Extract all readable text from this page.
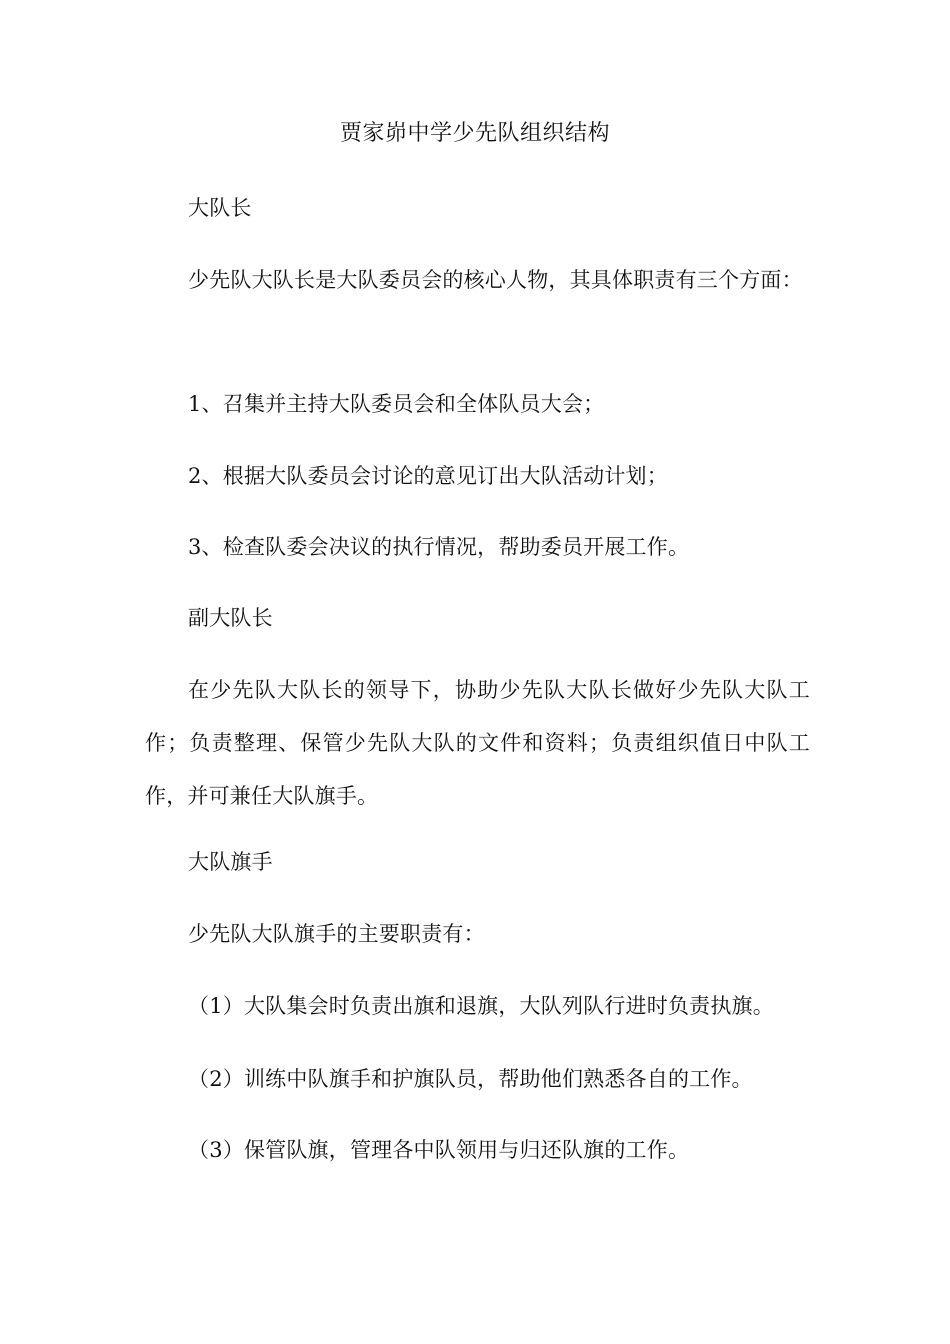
贾家峁中学少先队组织结构
大队长
少先队大队长是大队委员会的核心人物，其具体职责有三个方面：
1、召集并主持大队委员会和全体队员大会；
2、根据大队委员会讨论的意见订出大队活动计划；
3、检查队委会决议的执行情况，帮助委员开展工作。
副大队长
在少先队大队长的领导下，协助少先队大队长做好少先队大队工作；负责整理、保管少先队大队的文件和资料；负责组织值日中队工作，并可兼任大队旗手。
大队旗手
少先队大队旗手的主要职责有：
（1）大队集会时负责出旗和退旗，大队列队行进时负责执旗。
（2）训练中队旗手和护旗队员，帮助他们熟悉各自的工作。
（3）保管队旗，管理各中队领用与归还队旗的工作。
